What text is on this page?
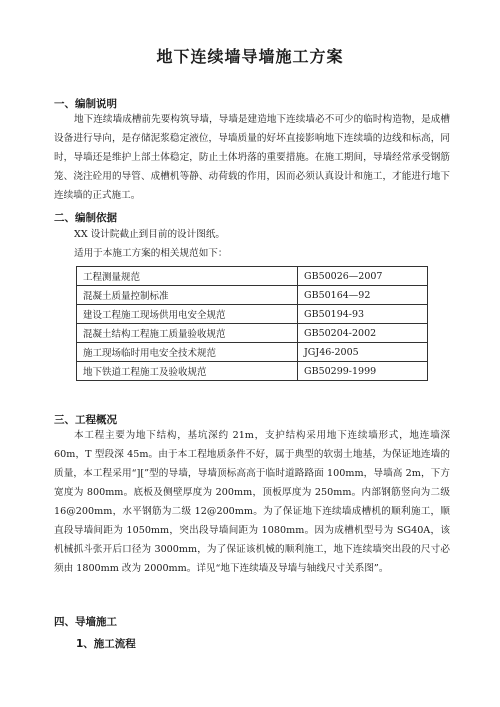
地下连续墙导墙施工方案
一、编制说明

地下连续墙成槽前先要构筑导墙，导墙是建造地下连续墙必不可少的临时构造物，是成槽设备进行导向，是存储泥浆稳定液位，导墙质量的好坏直接影响地下连续墙的边线和标高，同时，导墙还是维护上部土体稳定，防止土体坍落的重要措施。在施工期间，导墙经常承受钢筋笼、浇注砼用的导管、成槽机等静、动荷载的作用，因而必须认真设计和施工，才能进行地下连续墙的正式施工。

二、编制依据
XX 设计院截止到目前的设计图纸。
适用于本施工方案的相关规范如下：
工程测量规范	GB50026—2007
混凝土质量控制标准	GB50164—92
建设工程施工现场供用电安全规范	GB50194-93
混凝土结构工程施工质量验收规范	GB50204-2002
施工现场临时用电安全技术规范	JGJ46-2005
地下铁道工程施工及验收规范	GB50299-1999
三、工程概况

本工程主要为地下结构，基坑深约 21m，支护结构采用地下连续墙形式，地连墙深 60m，T 型段深 45m。由于本工程地质条件不好，属于典型的软弱土地基，为保证地连墙的质量，本工程采用“][”型的导墙，导墙顶标高高于临时道路路面 100mm，导墙高 2m，下方宽度为 800mm。底板及侧壁厚度为 200mm，顶板厚度为 250mm。内部钢筋竖向为二级 16@200mm，水平钢筋为二级 12@200mm。为了保证地下连续墙成槽机的顺利施工，顺直段导墙间距为 1050mm，突出段导墙间距为 1080mm。因为成槽机型号为 SG40A，该机械抓斗张开后口径为 3000mm，为了保证该机械的顺利施工，地下连续墙突出段的尺寸必须由 1800mm 改为 2000mm。详见“地下连续墙及导墙与轴线尺寸关系图”。

四、导墙施工
1、施工流程
